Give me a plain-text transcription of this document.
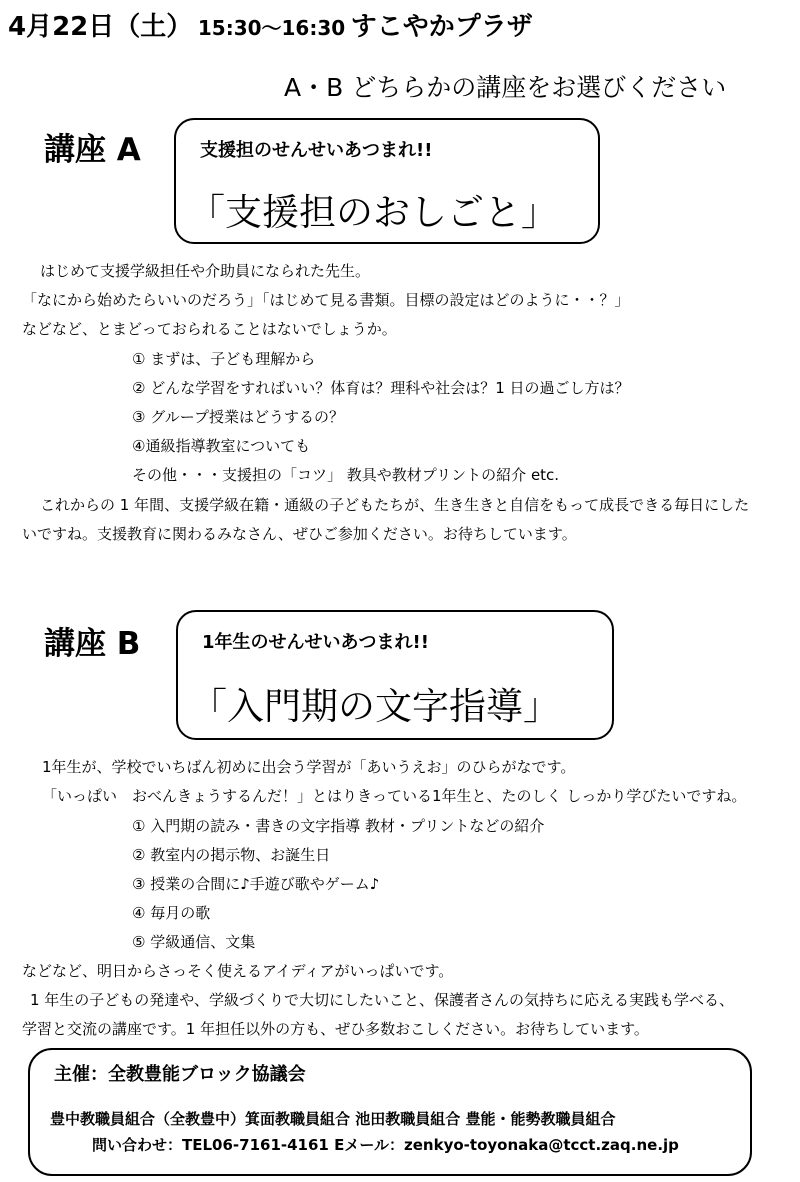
4月22日（土） 15:30～16:30 すこやかプラザ
A・B どちらかの講座をお選びください
講座 A	支援担のせんせいあつまれ!!
「支援担のおしごと」
はじめて支援学級担任や介助員になられた先生。
「なにから始めたらいいのだろう」「はじめて見る書類。目標の設定はどのように・・？」
などなど、とまどっておられることはないでしょうか。
① まずは、子ども理解から
② どんな学習をすればいい？体育は？理科や社会は？1 日の過ごし方は？
③ グループ授業はどうするの？
④通級指導教室についても
その他・・・支援担の「コツ」 教具や教材プリントの紹介 etc.
これからの 1 年間、支援学級在籍・通級の子どもたちが、生き生きと自信をもって成長できる毎日にした
いですね。支援教育に関わるみなさん、ぜひご参加ください。お待ちしています。
講座 B	1年生のせんせいあつまれ!!
「入門期の文字指導」
1年生が、学校でいちばん初めに出会う学習が「あいうえお」のひらがなです。
「いっぱい　おべんきょうするんだ！」とはりきっている1年生と、たのしく しっかり学びたいですね。
① 入門期の読み・書きの文字指導 教材・プリントなどの紹介
② 教室内の掲示物、お誕生日
③ 授業の合間に♪手遊び歌やゲーム♪
④ 毎月の歌
⑤ 学級通信、文集
などなど、明日からさっそく使えるアイディアがいっぱいです。
1 年生の子どもの発達や、学級づくりで大切にしたいこと、保護者さんの気持ちに応える実践も学べる、
学習と交流の講座です。1 年担任以外の方も、ぜひ多数おこしください。お待ちしています。
主催：全教豊能ブロック協議会
豊中教職員組合（全教豊中）箕面教職員組合 池田教職員組合 豊能・能勢教職員組合
問い合わせ：TEL06-7161-4161 Eメール：zenkyo-toyonaka@tcct.zaq.ne.jp
